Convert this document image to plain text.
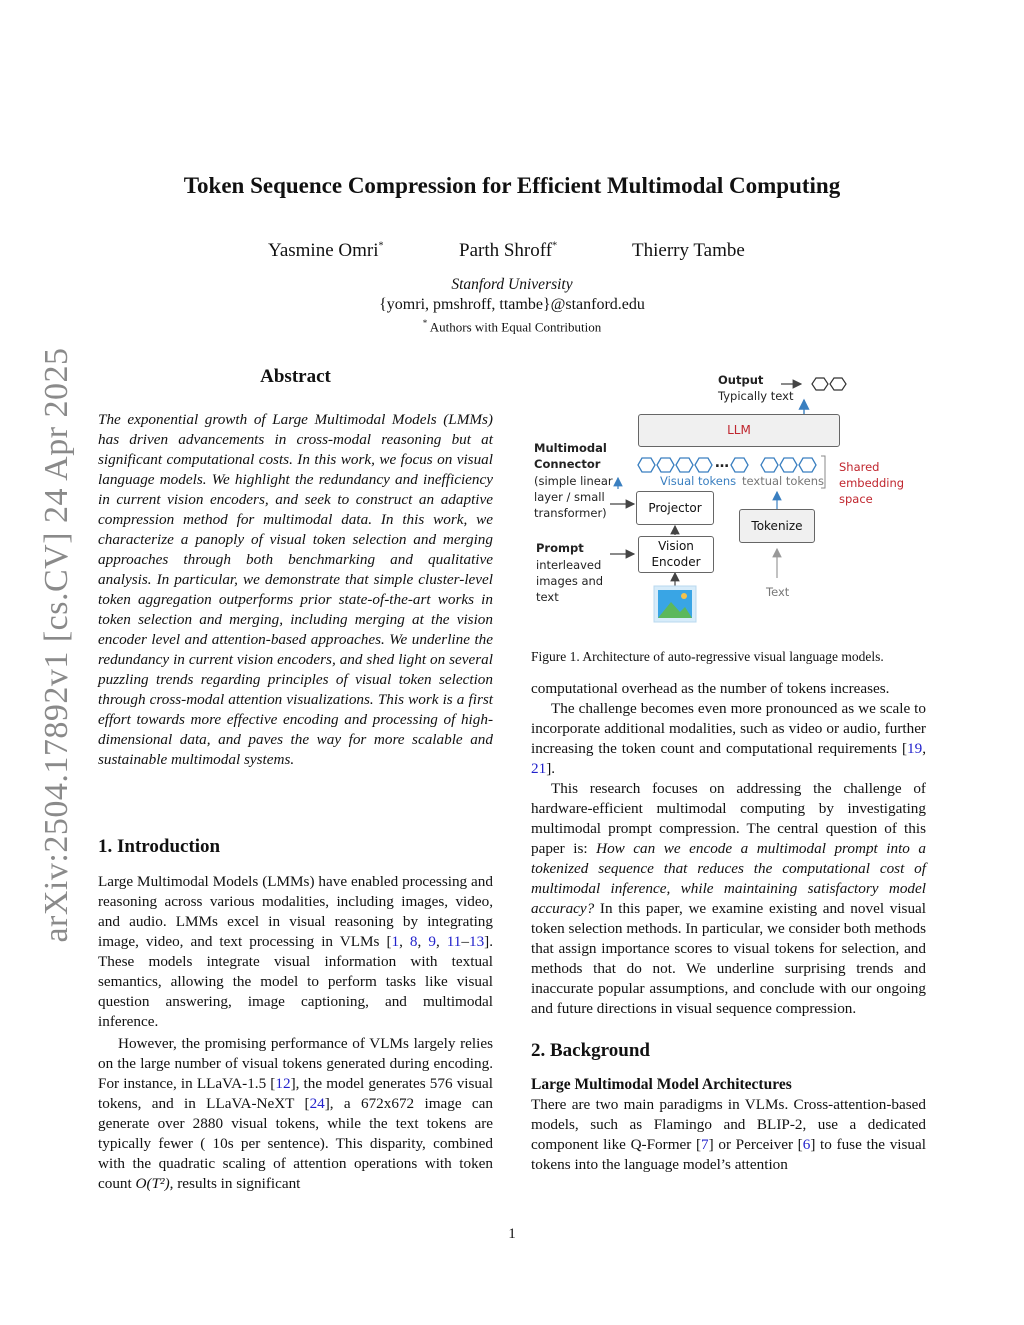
arXiv:2504.17892v1 [cs.CV] 24 Apr 2025
Token Sequence Compression for Efficient Multimodal Computing
Yasmine Omri*	Parth Shroff*	Thierry Tambe
Stanford University
{yomri, pmshroff, ttambe}@stanford.edu
* Authors with Equal Contribution
Abstract

The exponential growth of Large Multimodal Models (LMMs) has driven advancements in cross-modal reasoning but at significant computational costs. In this work, we focus on visual language models. We highlight the redundancy and inefficiency in current vision encoders, and seek to construct an adaptive compression method for multimodal data. In this work, we characterize a panoply of visual token selection and merging approaches through both benchmarking and qualitative analysis. In particular, we demonstrate that simple cluster-level token aggregation outperforms prior state-of-the-art works in token selection and merging, including merging at the vision encoder level and attention-based approaches. We underline the redundancy in current vision encoders, and shed light on several puzzling trends regarding principles of visual token selection through cross-modal attention visualizations. This work is a first effort towards more effective encoding and processing of high-dimensional data, and paves the way for more scalable and sustainable multimodal systems.

1. Introduction

Large Multimodal Models (LMMs) have enabled processing and reasoning across various modalities, including images, video, and audio. LMMs excel in visual reasoning by integrating image, video, and text processing in VLMs [1, 8, 9, 11–13]. These models integrate visual information with textual semantics, allowing the model to perform tasks like visual question answering, image captioning, and multimodal inference.

However, the promising performance of VLMs largely relies on the large number of visual tokens generated during encoding. For instance, in LLaVA-1.5 [12], the model generates 576 visual tokens, and in LLaVA-NeXT [24], a 672x672 image can generate over 2880 visual tokens, while the text tokens are typically fewer ( 10s per sentence). This disparity, combined with the quadratic scaling of attention operations with token count O(T²), results in significant

Output
Typically text
LLM
Multimodal Connector
(simple linear layer / small transformer)
…
Visual tokens textual tokens
Shared embedding space
Projector
Tokenize
Prompt
interleaved images and text
Vision Encoder
Text
Figure 1. Architecture of auto-regressive visual language models.

computational overhead as the number of tokens increases.

The challenge becomes even more pronounced as we scale to incorporate additional modalities, such as video or audio, further increasing the token count and computational requirements [19, 21].

This research focuses on addressing the challenge of hardware-efficient multimodal computing by investigating multimodal prompt compression. The central question of this paper is: How can we encode a multimodal prompt into a tokenized sequence that reduces the computational cost of multimodal inference, while maintaining satisfactory model accuracy? In this paper, we examine existing and novel visual token selection methods. In particular, we consider both methods that assign importance scores to visual tokens for selection, and methods that do not. We underline surprising trends and inaccurate popular assumptions, and conclude with our ongoing and future directions in visual sequence compression.

2. Background
Large Multimodal Model Architectures

There are two main paradigms in VLMs. Cross-attention-based models, such as Flamingo and BLIP-2, use a dedicated component like Q-Former [7] or Perceiver [6] to fuse the visual tokens into the language model’s attention

1
